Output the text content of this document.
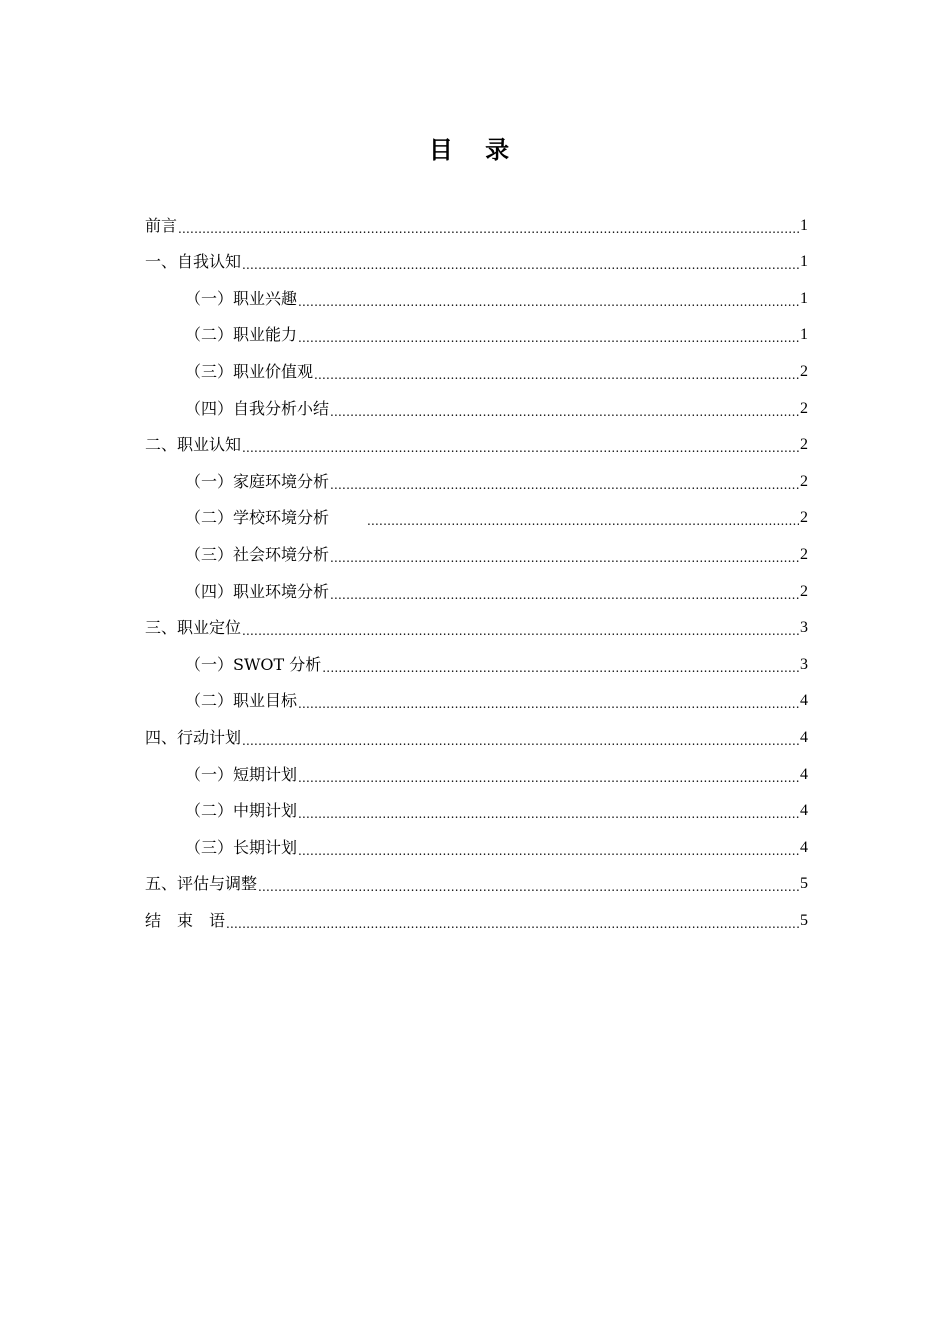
目 录
前言 .....	1
一、自我认知 .....	1
（一）职业兴趣 .....	1
（二）职业能力 .....	1
（三）职业价值观 .....	2
（四）自我分析小结 .....	2
二、职业认知 .....	2
（一）家庭环境分析 .....	2
（二）学校环境分析 .....	2
（三）社会环境分析 .....	2
（四）职业环境分析 .....	2
三、职业定位 .....	3
（一）SWOT 分析 .....	3
（二）职业目标 .....	4
四、行动计划 .....	4
（一）短期计划 .....	4
（二）中期计划 .....	4
（三）长期计划 .....	4
五、评估与调整 .....	5
结　束　语 .....	5
